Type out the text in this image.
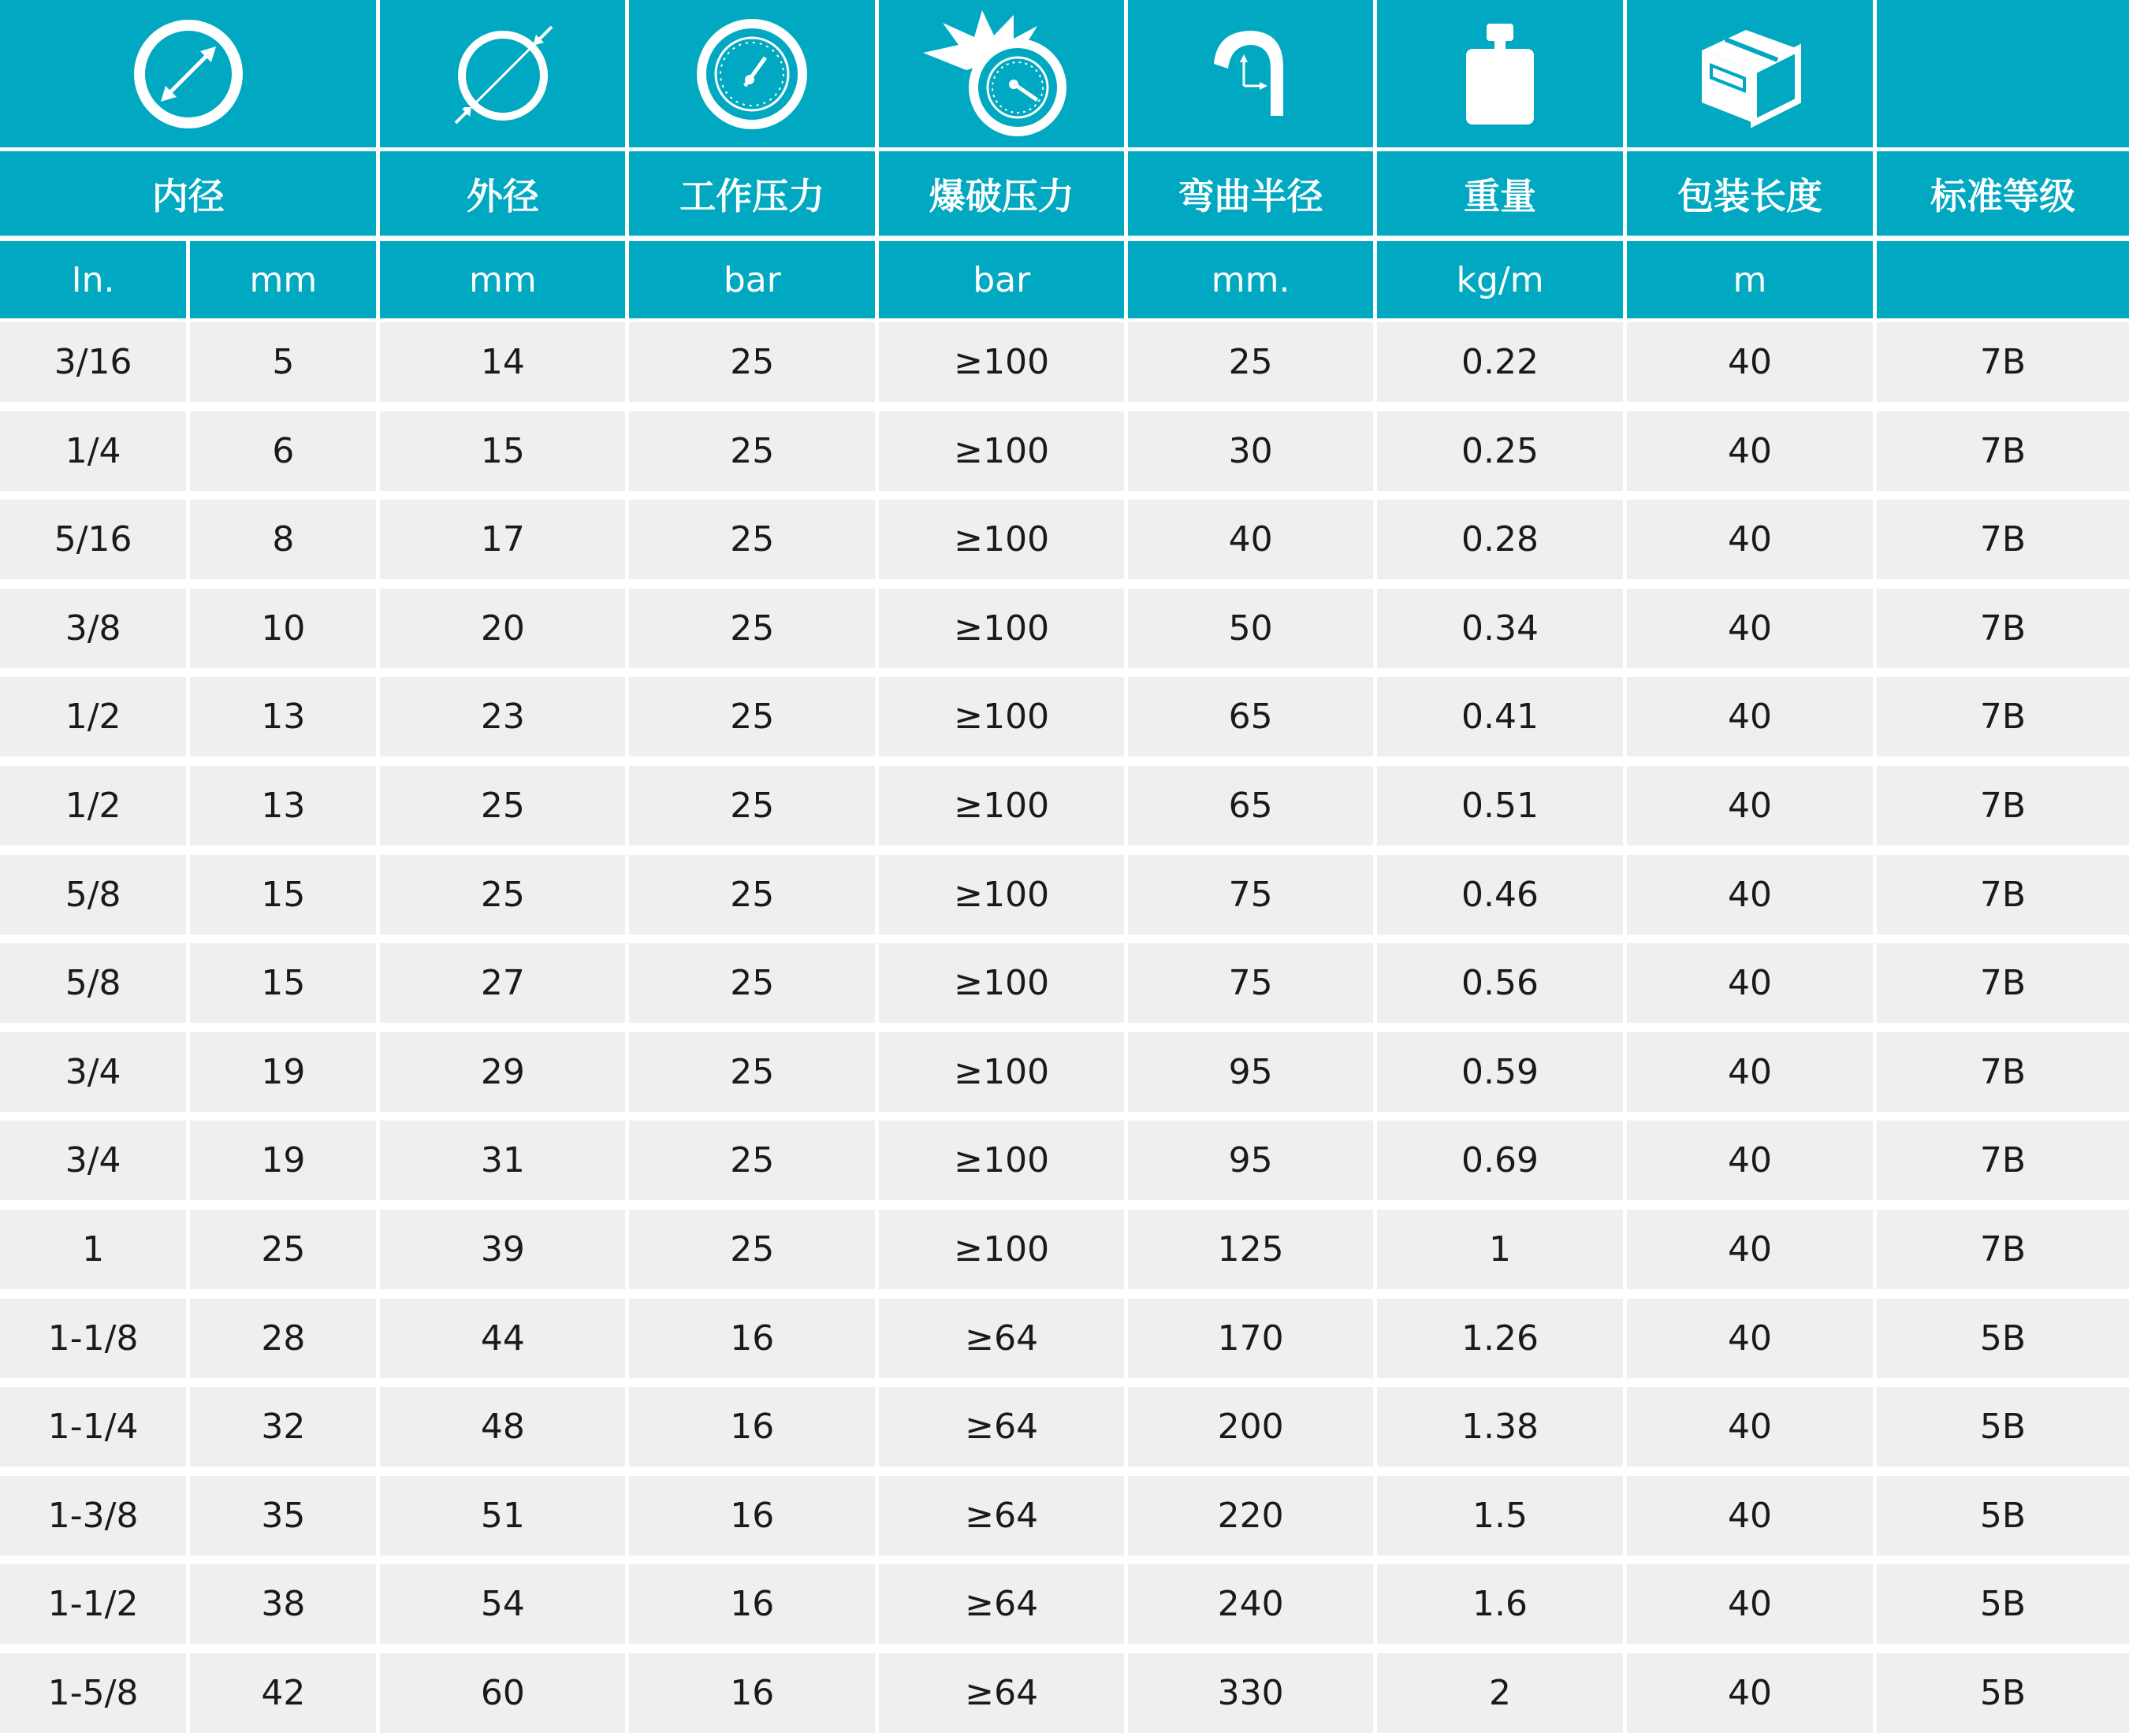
内径		外径	工作压力	爆破压力	弯曲半径	重量	包装长度	标准等级

In.	mm	mm	bar	bar	mm.	kg/m	m	

3/16	5	14	25	≥100	25	0.22	40	7B

1/4	6	15	25	≥100	30	0.25	40	7B

5/16	8	17	25	≥100	40	0.28	40	7B

3/8	10	20	25	≥100	50	0.34	40	7B

1/2	13	23	25	≥100	65	0.41	40	7B

1/2	13	25	25	≥100	65	0.51	40	7B

5/8	15	25	25	≥100	75	0.46	40	7B

5/8	15	27	25	≥100	75	0.56	40	7B

3/4	19	29	25	≥100	95	0.59	40	7B

3/4	19	31	25	≥100	95	0.69	40	7B

1	25	39	25	≥100	125	1	40	7B

1-1/8	28	44	16	≥64	170	1.26	40	5B

1-1/4	32	48	16	≥64	200	1.38	40	5B

1-3/8	35	51	16	≥64	220	1.5	40	5B

1-1/2	38	54	16	≥64	240	1.6	40	5B

1-5/8	42	60	16	≥64	330	2	40	5B
